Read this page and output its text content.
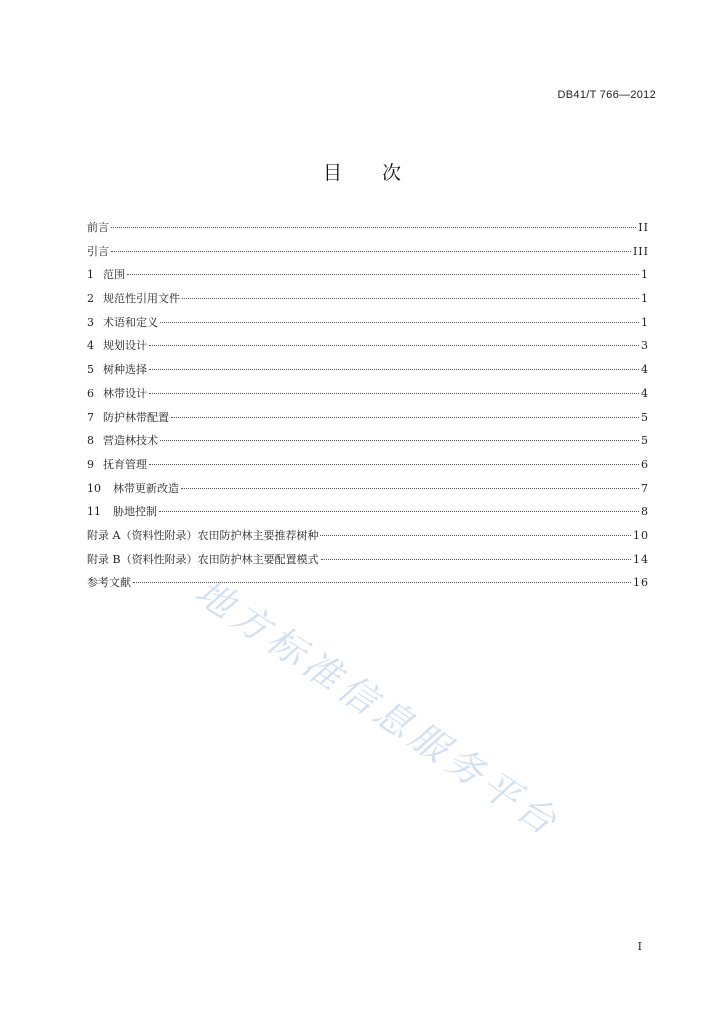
DB41/T 766—2012
目次
前言	II
引言	III
1 范围	1
2 规范性引用文件	1
3 术语和定义	1
4 规划设计	3
5 树种选择	4
6 林带设计	4
7 防护林带配置	5
8 营造林技术	5
9 抚育管理	6
10	林带更新改造	7
11	胁地控制	8
附录 A（资料性附录）农田防护林主要推荐树种	10
附录 B（资料性附录）农田防护林主要配置模式	14
参考文献	16
地方标准信息服务平台
I
